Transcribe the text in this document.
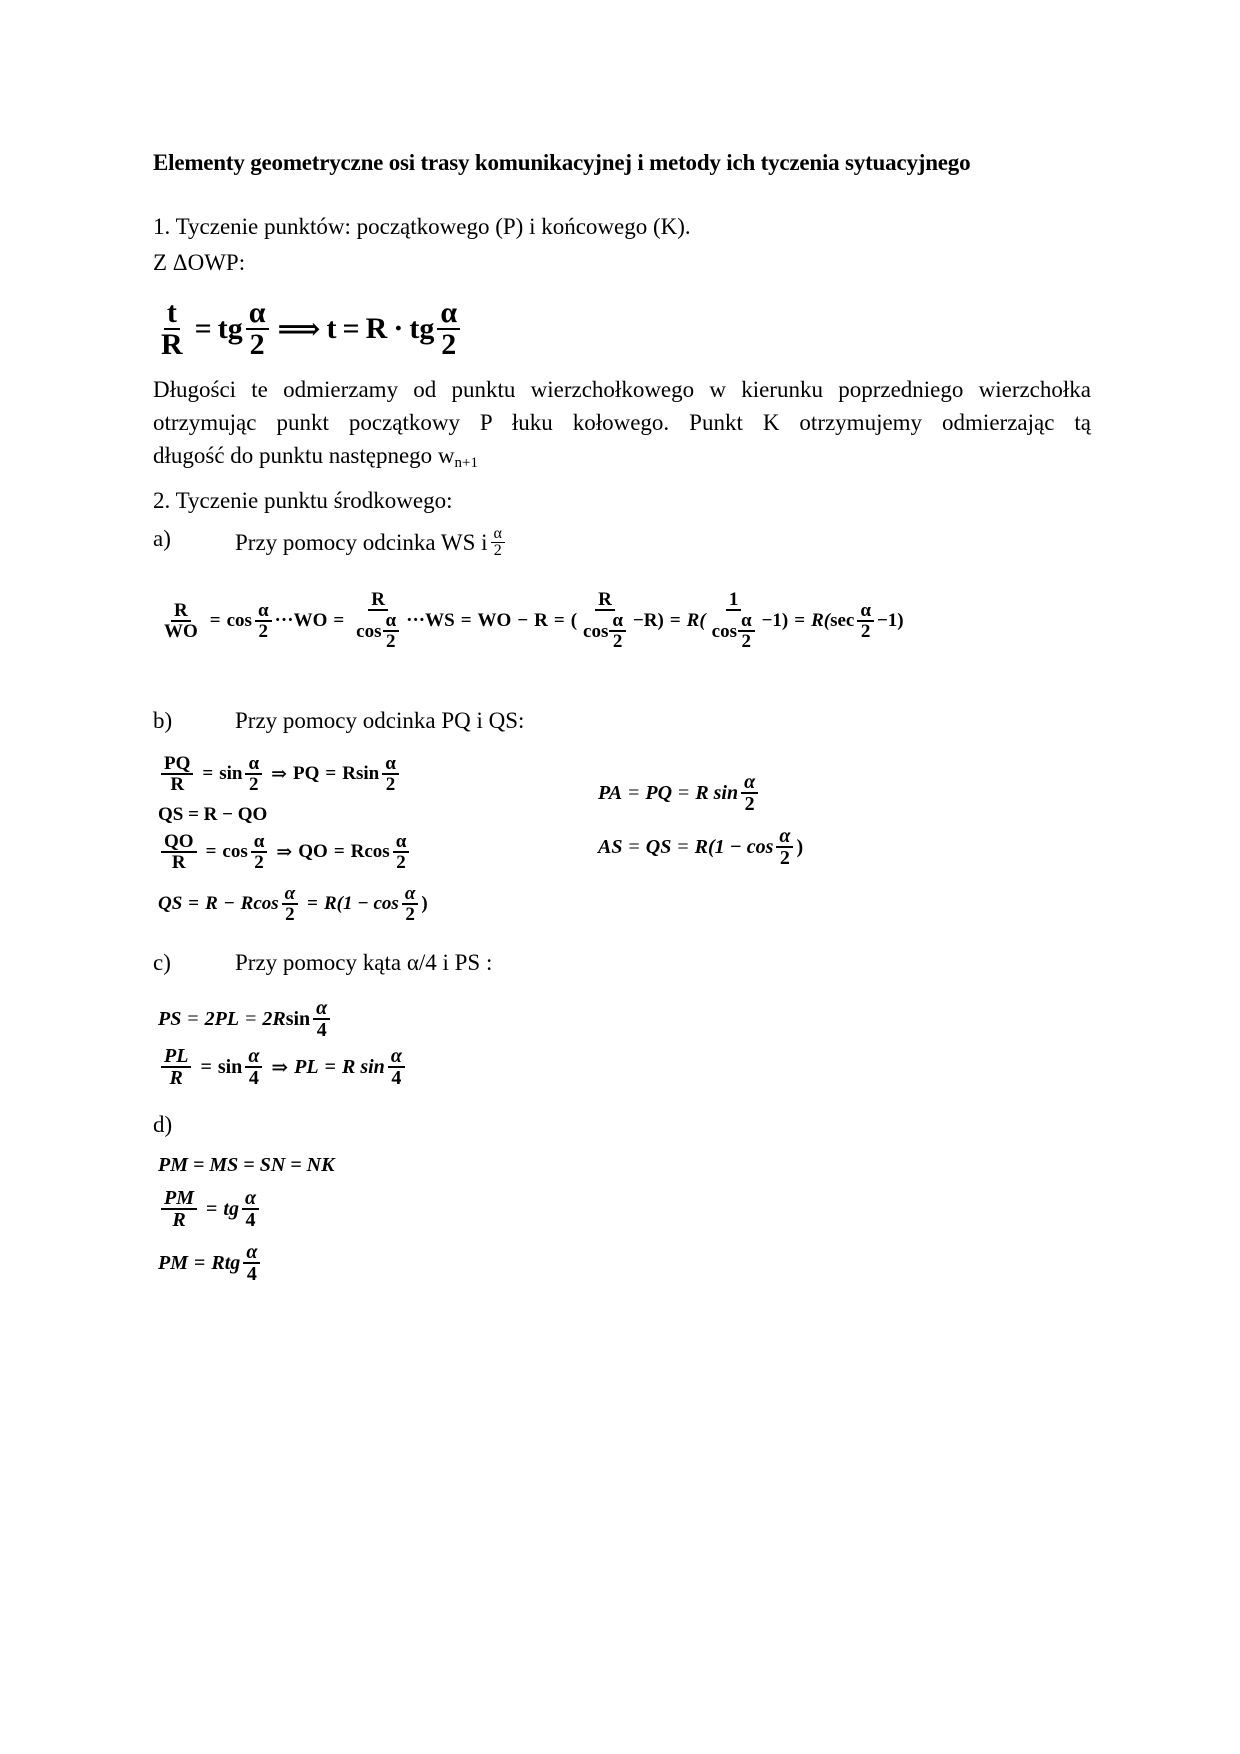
Elementy geometryczne osi trasy komunikacyjnej i metody ich tyczenia sytuacyjnego
1. Tyczenie punktów: początkowego (P) i końcowego (K).
Z ΔOWP:
$\frac{t}{R}$ = tg $\frac{\alpha}{2}$ ⟹ t = R · tg $\frac{\alpha}{2}$
Długości te odmierzamy od punktu wierzchołkowego w kierunku poprzedniego wierzchołka
otrzymując punkt początkowy P łuku kołowego. Punkt K otrzymujemy odmierzając tą
długość do punktu następnego $w_{n+1}$
2. Tyczenie punktu środkowego:
a)	Przy pomocy odcinka WS i $\frac{\alpha}{2}$
$\frac{R}{WO} = \cos \frac{\alpha}{2}$ ··· WO = $\frac{R}{\cos \frac{\alpha}{2}}$ ··· WS = WO − R = ( $\frac{R}{\cos \frac{\alpha}{2}} -R) = R( \frac{1}{\cos \frac{\alpha}{2}} -1) = R$( $\sec \frac{\alpha}{2} -1$)
b)	Przy pomocy odcinka PQ i QS:
$\frac{PQ}{R} = \sin \frac{\alpha}{2}$ ⇒ PQ = Rsin $\frac{\alpha}{2}$
QS = R − QO
$\frac{QO}{R} = \cos \frac{\alpha}{2}$ ⇒ QO = Rcos $\frac{\alpha}{2}$
QS = R − Rcos $\frac{\alpha}{2} = R(1 - \cos \frac{\alpha}{2}$ )
PA = PQ = R $\sin \frac{\alpha}{2}$
AS = QS = $R(1 - \cos \frac{\alpha}{2}$ )
c)	Przy pomocy kąta α/4 i PS :
PS = 2PL = 2R $\sin \frac{\alpha}{4}$
$\frac{PL}{R} = \sin \frac{\alpha}{4}$ ⇒ PL = R $\sin \frac{\alpha}{4}$
d)
PM = MS = SN = NK
$\frac{PM}{R}$ = tg $\frac{\alpha}{4}$
PM = Rtg $\frac{\alpha}{4}$
